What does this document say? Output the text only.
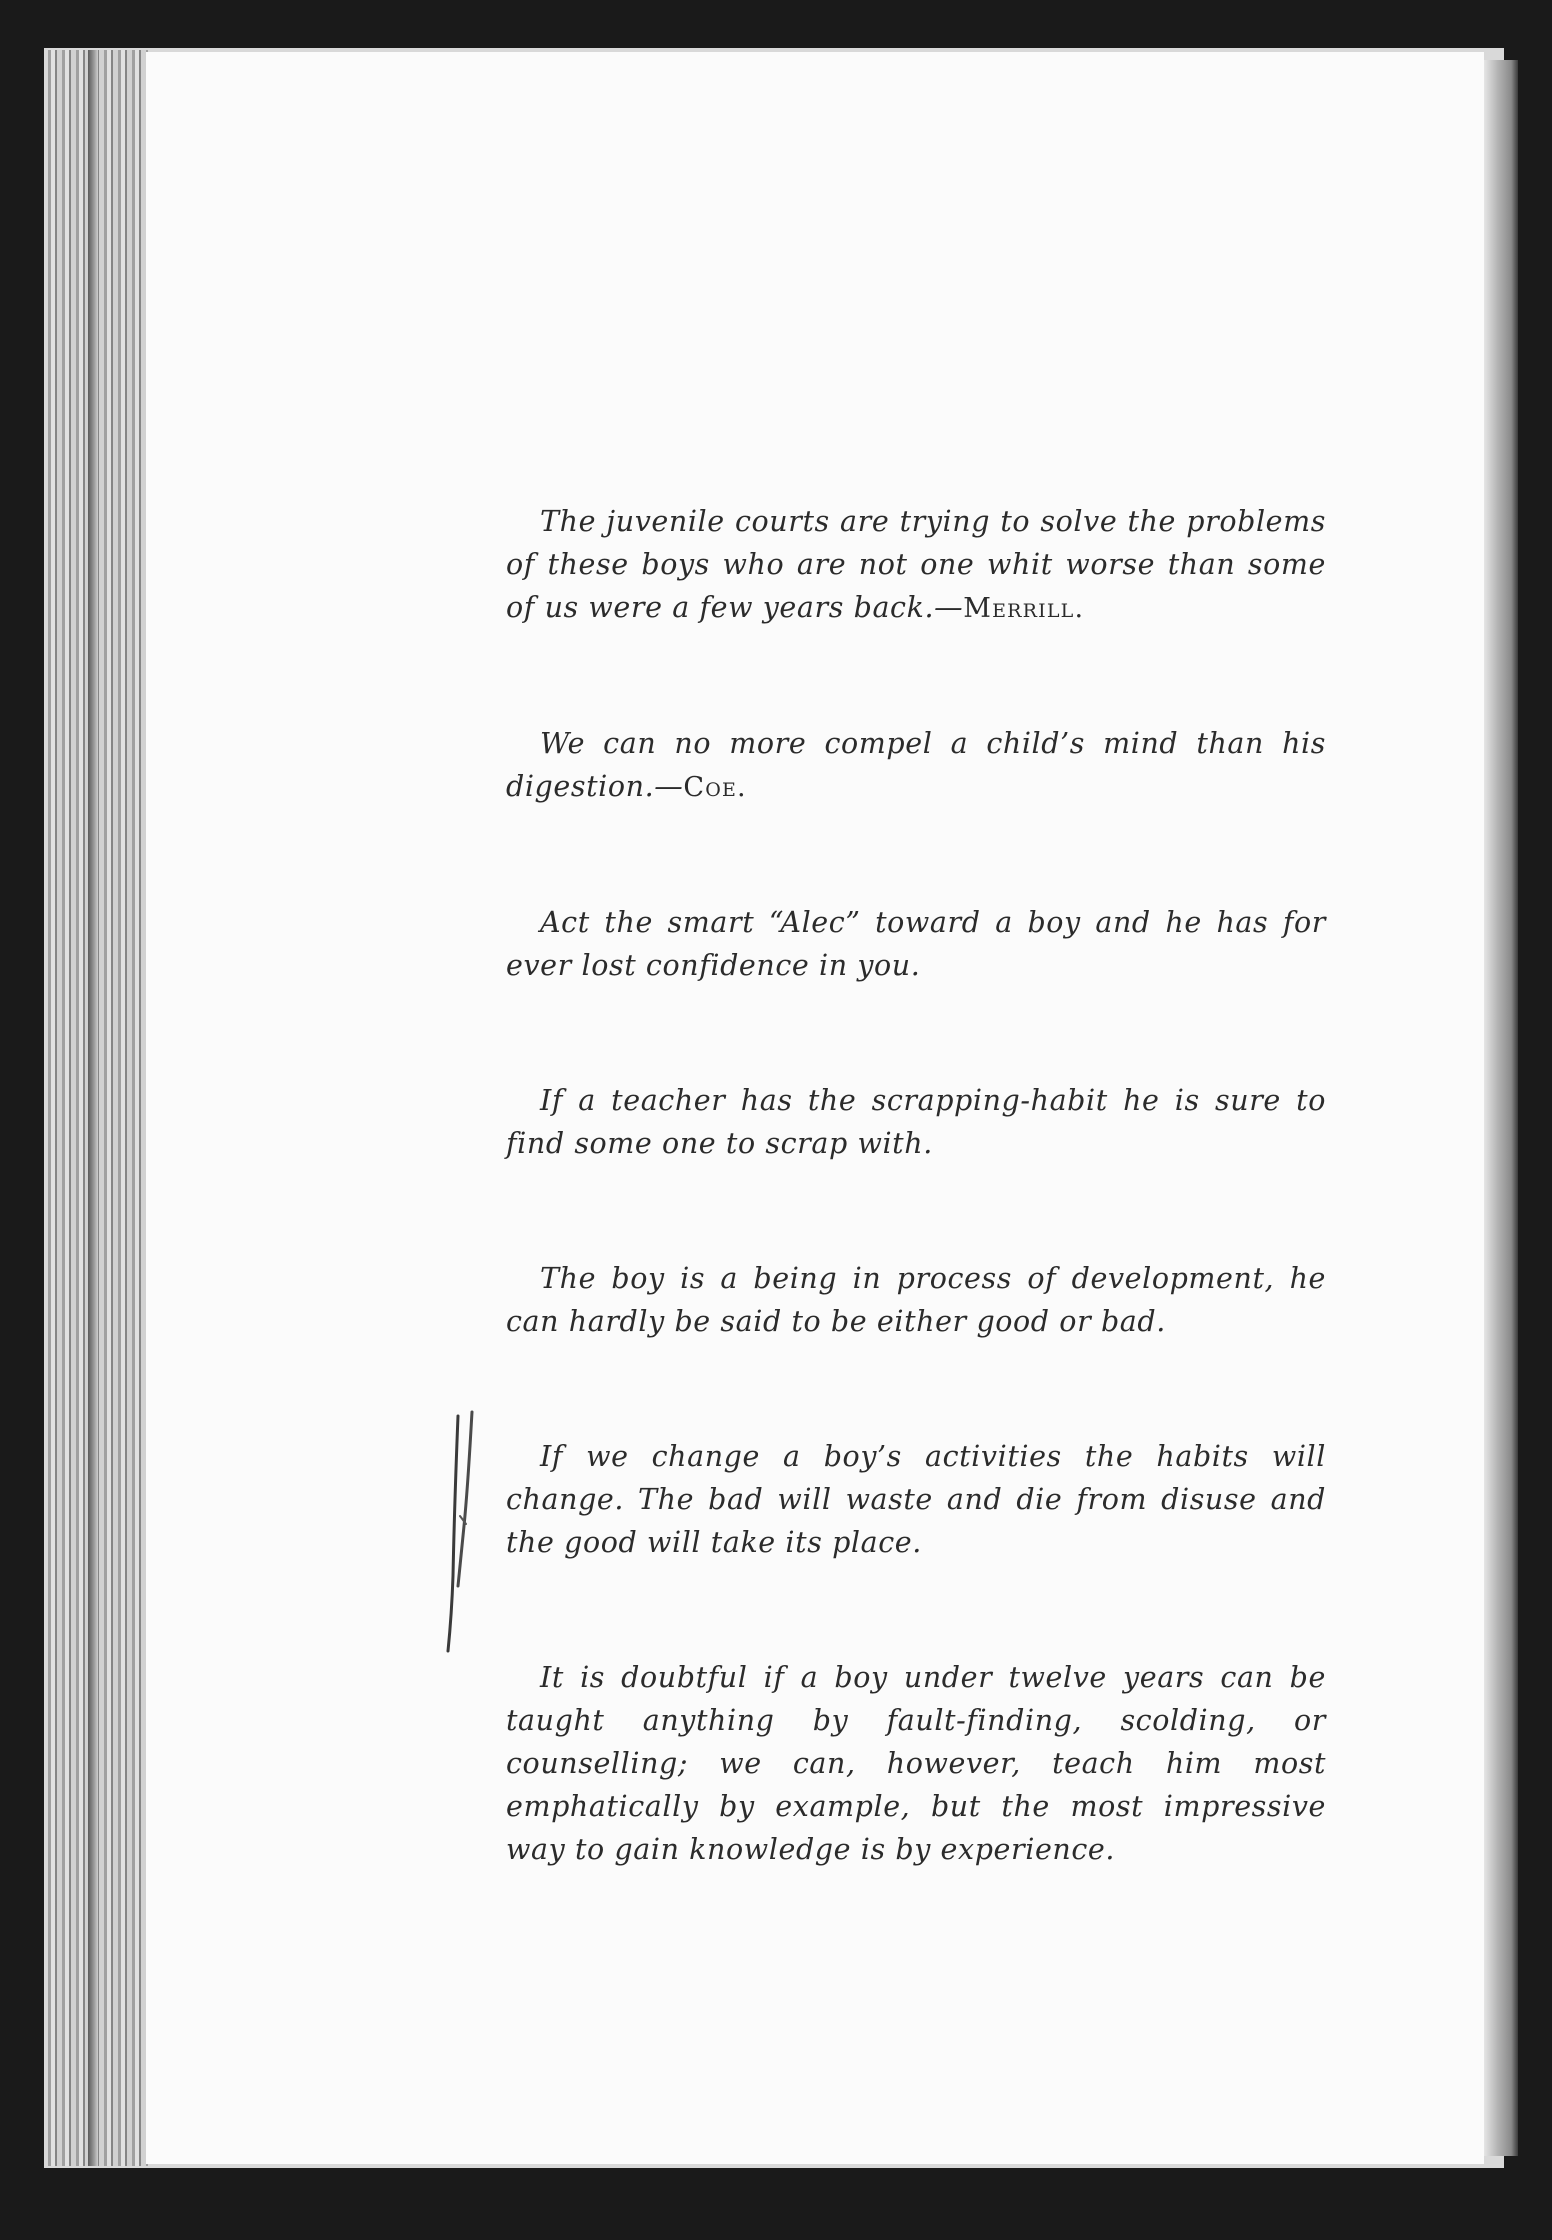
The juvenile courts are trying to solve the problems of these boys who are not one whit worse than some of us were a few years back.—Merrill.

We can no more compel a child’s mind than his digestion.—Coe.

Act the smart “Alec” toward a boy and he has for ever lost confidence in you.

If a teacher has the scrapping-habit he is sure to find some one to scrap with.

The boy is a being in process of development, he can hardly be said to be either good or bad.

If we change a boy’s activities the habits will change. The bad will waste and die from disuse and the good will take its place.

It is doubtful if a boy under twelve years can be taught anything by fault-finding, scolding, or counselling; we can, however, teach him most emphatically by example, but the most impressive way to gain knowledge is by experience.
